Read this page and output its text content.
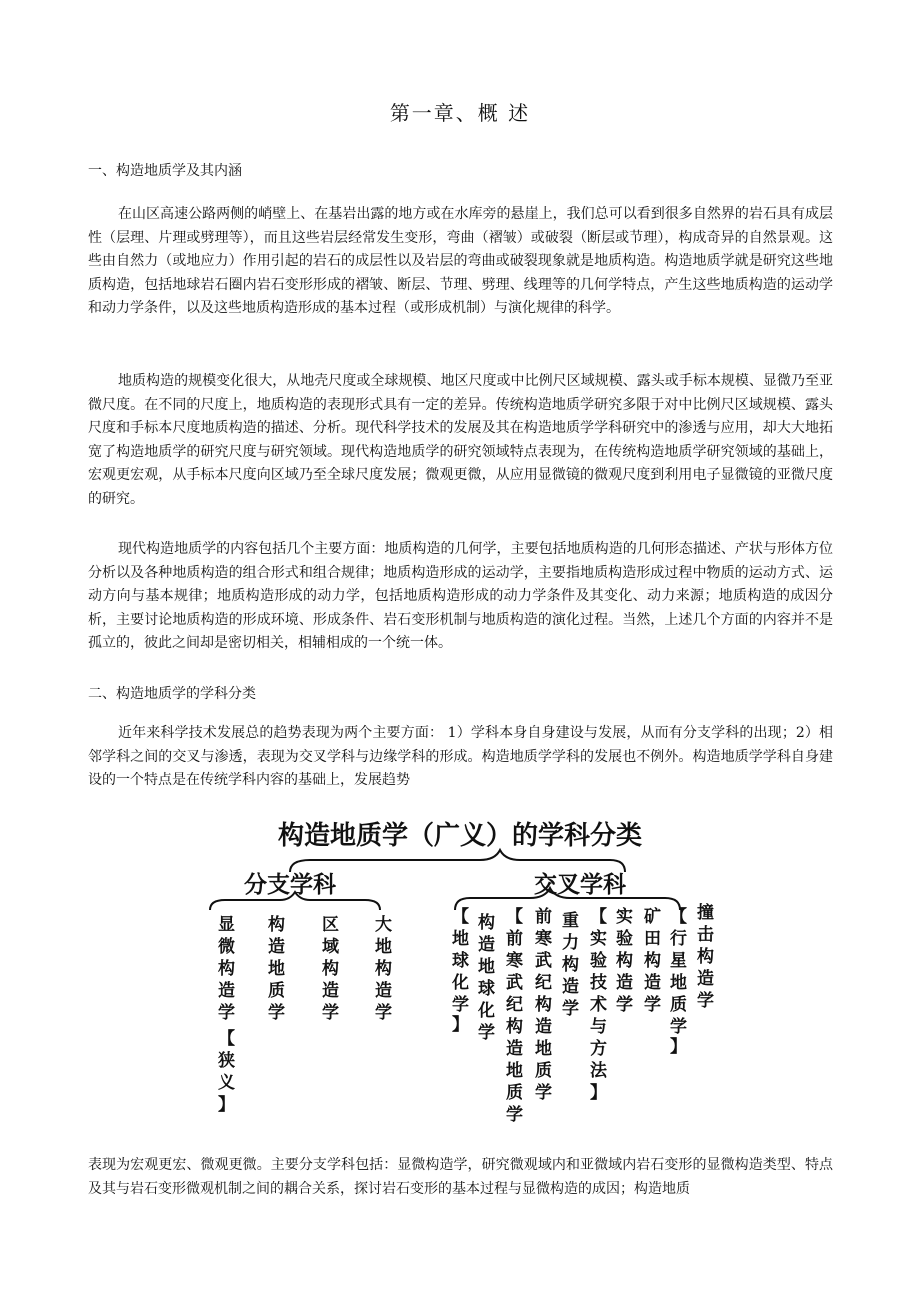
第一章、概 述
一、构造地质学及其内涵

在山区高速公路两侧的峭壁上、在基岩出露的地方或在水库旁的悬崖上，我们总可以看到很多自然界的岩石具有成层性（层理、片理或劈理等），而且这些岩层经常发生变形，弯曲（褶皱）或破裂（断层或节理），构成奇异的自然景观。这些由自然力（或地应力）作用引起的岩石的成层性以及岩层的弯曲或破裂现象就是地质构造。构造地质学就是研究这些地质构造，包括地球岩石圈内岩石变形形成的褶皱、断层、节理、劈理、线理等的几何学特点，产生这些地质构造的运动学和动力学条件，以及这些地质构造形成的基本过程（或形成机制）与演化规律的科学。

地质构造的规模变化很大，从地壳尺度或全球规模、地区尺度或中比例尺区域规模、露头或手标本规模、显微乃至亚微尺度。在不同的尺度上，地质构造的表现形式具有一定的差异。传统构造地质学研究多限于对中比例尺区域规模、露头尺度和手标本尺度地质构造的描述、分析。现代科学技术的发展及其在构造地质学学科研究中的渗透与应用，却大大地拓宽了构造地质学的研究尺度与研究领域。现代构造地质学的研究领域特点表现为，在传统构造地质学研究领域的基础上，宏观更宏观，从手标本尺度向区域乃至全球尺度发展；微观更微，从应用显微镜的微观尺度到利用电子显微镜的亚微尺度的研究。

现代构造地质学的内容包括几个主要方面：地质构造的几何学，主要包括地质构造的几何形态描述、产状与形体方位分析以及各种地质构造的组合形式和组合规律；地质构造形成的运动学，主要指地质构造形成过程中物质的运动方式、运动方向与基本规律；地质构造形成的动力学，包括地质构造形成的动力学条件及其变化、动力来源；地质构造的成因分析，主要讨论地质构造的形成环境、形成条件、岩石变形机制与地质构造的演化过程。当然，上述几个方面的内容并不是孤立的，彼此之间却是密切相关，相辅相成的一个统一体。

二、构造地质学的学科分类

近年来科学技术发展总的趋势表现为两个主要方面： 1）学科本身自身建设与发展，从而有分支学科的出现；2）相邻学科之间的交叉与渗透，表现为交叉学科与边缘学科的形成。构造地质学学科的发展也不例外。构造地质学学科自身建设的一个特点是在传统学科内容的基础上，发展趋势

构造地质学（广义）的学科分类
分支学科	交叉学科
显微构造学【狭义】
构造地质学
区域构造学
大地构造学
【地球化学】
构造地球化学
【前寒武纪构造地质学
前寒武纪构造地质学
重力构造学
【实验技术与方法】
实验构造学
矿田构造学
【行星地质学】
撞击构造学

表现为宏观更宏、微观更微。主要分支学科包括：显微构造学，研究微观域内和亚微域内岩石变形的显微构造类型、特点及其与岩石变形微观机制之间的耦合关系，探讨岩石变形的基本过程与显微构造的成因；构造地质
